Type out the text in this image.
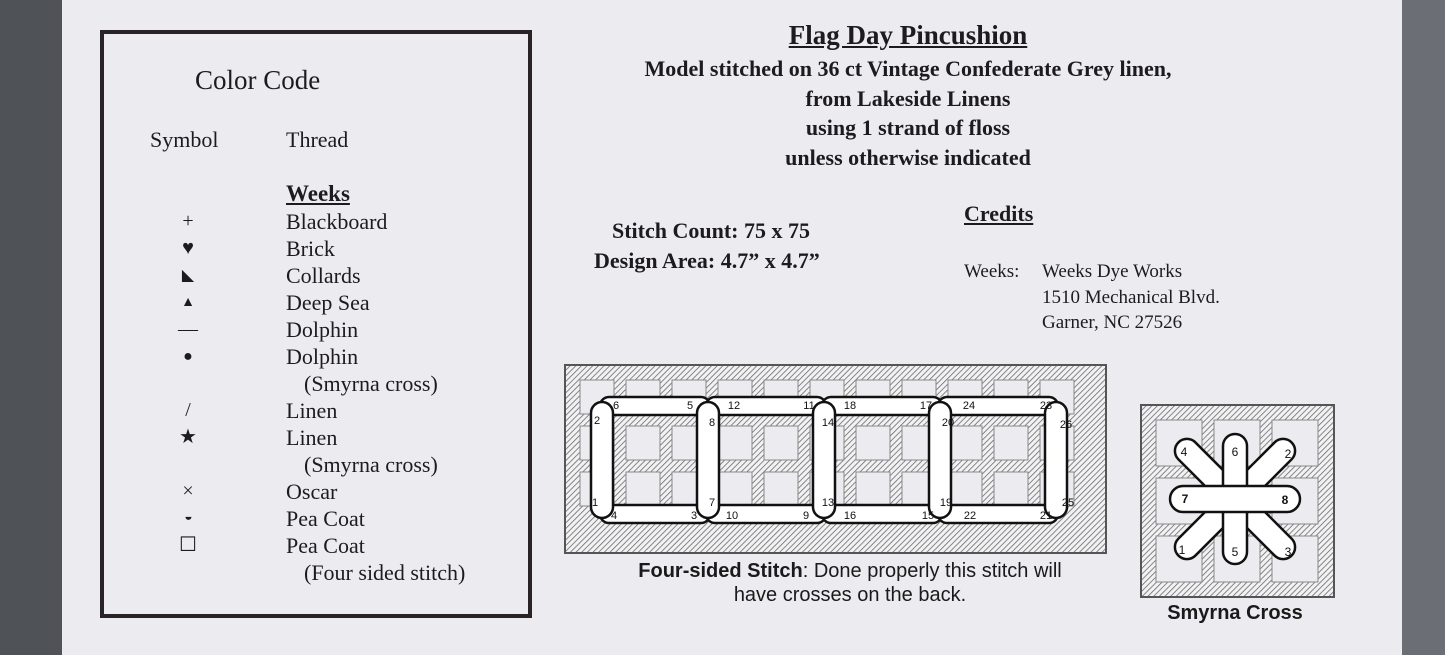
Color Code
Symbol	Thread
Weeks
+
♥
◣
▲
—
●
/
★
×
◗
☐
Blackboard
Brick
Collards
Deep Sea
Dolphin
Dolphin
(Smyrna cross)
Linen
Linen
(Smyrna cross)
Oscar
Pea Coat
Pea Coat
(Four sided stitch)
Flag Day Pincushion
Model stitched on 36 ct Vintage Confederate Grey linen,
from Lakeside Linens
using 1 strand of floss
unless otherwise indicated
Stitch Count: 75 x 75
Design Area: 4.7” x 4.7”
Credits
Weeks: Weeks Dye Works
1510 Mechanical Blvd.
Garner, NC 27526
1
2
3
4
5
6
7
8
9
10
11
12
13
14
15
16
17
18
19
20
21
22
23
24
25
26
Four-sided Stitch: Done properly this stitch will
have crosses on the back.
1
2
3
4
5
6
7	8
Smyrna Cross
